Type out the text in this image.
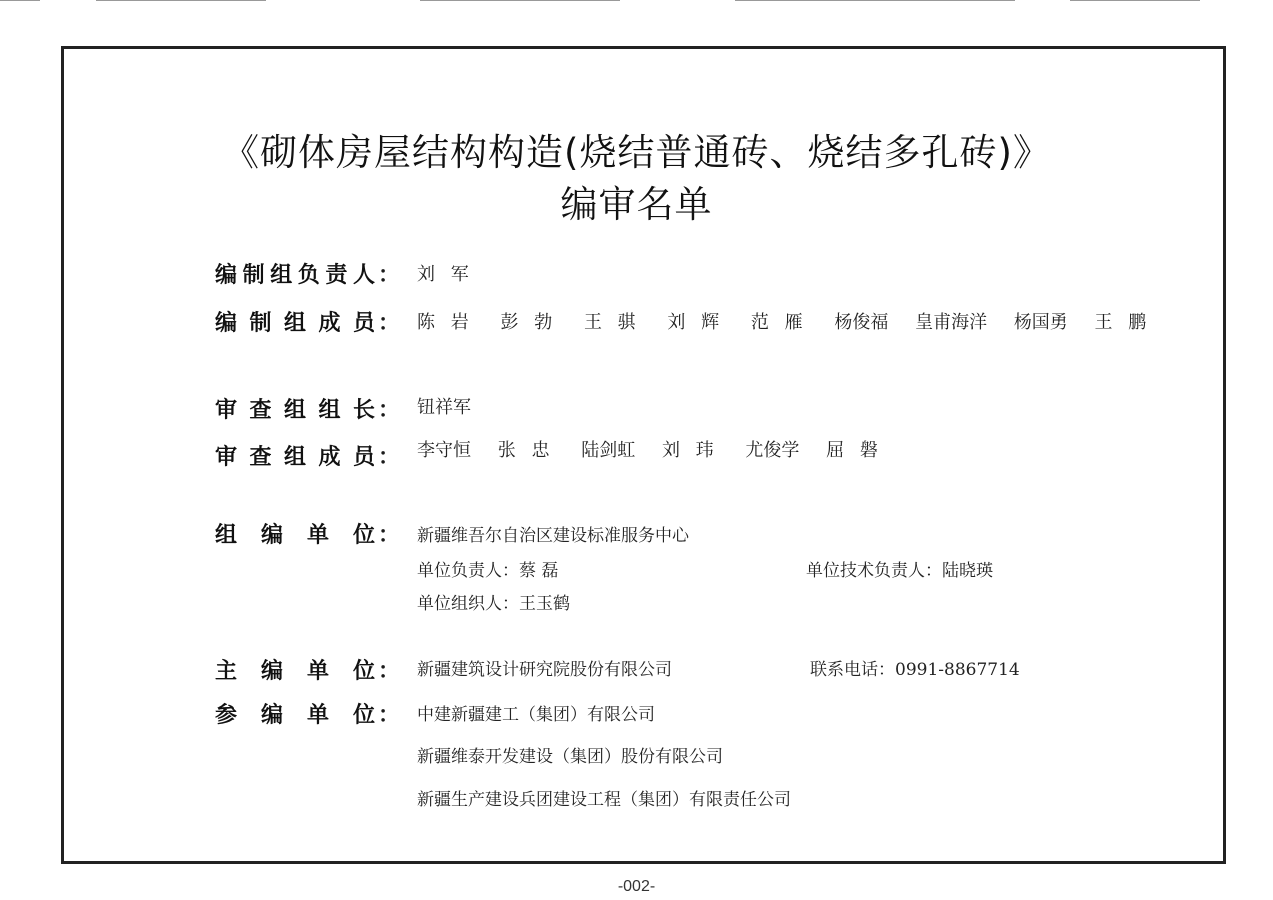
《砌体房屋结构构造(烧结普通砖、烧结多孔砖)》
编审名单
编 制 组 负 责 人 ： 刘 军
编 制 组 成 员 ： 陈 岩 彭 勃 王 骐 刘 辉 范 雁 杨俊福 皇甫海洋 杨国勇 王 鹏
审 查 组 组 长 ： 钮祥军
审 查 组 成 员 ： 李守恒 张 忠 陆剑虹 刘 玮 尤俊学 屈 磐
组 编 单 位 ： 新疆维吾尔自治区建设标准服务中心
单位负责人：蔡 磊	单位技术负责人：陆晓瑛
单位组织人：王玉鹤
主 编 单 位 ： 新疆建筑设计研究院股份有限公司	联系电话：0991-8867714
参 编 单 位 ： 中建新疆建工（集团）有限公司
新疆维泰开发建设（集团）股份有限公司
新疆生产建设兵团建设工程（集团）有限责任公司
-002-
